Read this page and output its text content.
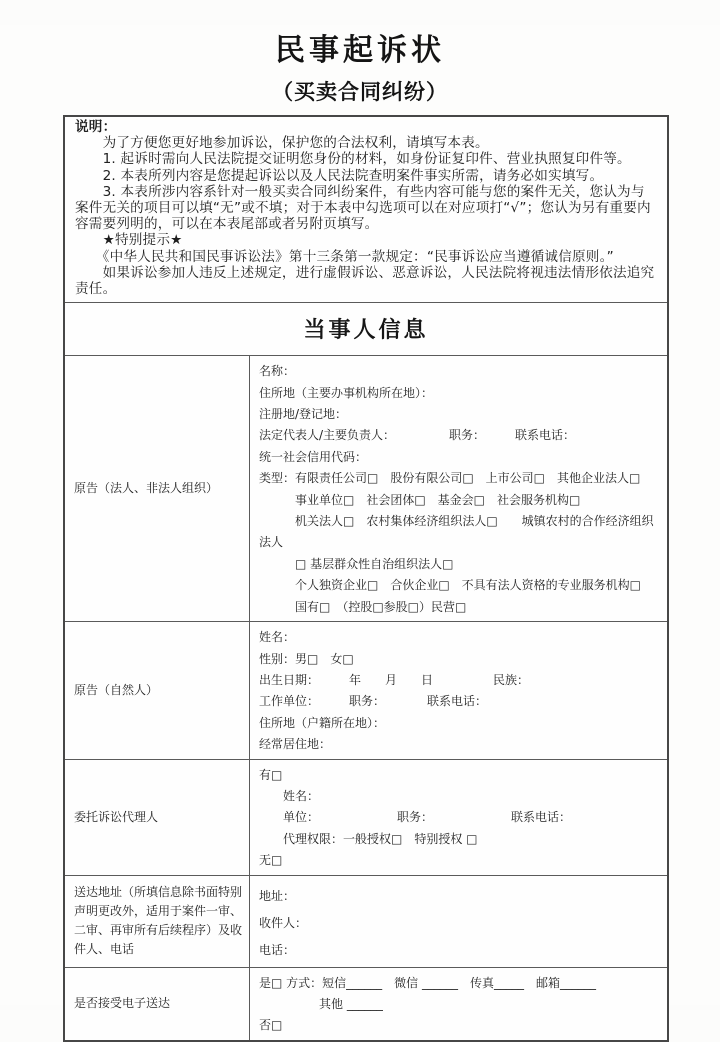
民事起诉状
（买卖合同纠纷）
说明：

　　为了方便您更好地参加诉讼，保护您的合法权利，请填写本表。

　　1. 起诉时需向人民法院提交证明您身份的材料，如身份证复印件、营业执照复印件等。

　　2. 本表所列内容是您提起诉讼以及人民法院查明案件事实所需，请务必如实填写。

　　3. 本表所涉内容系针对一般买卖合同纠纷案件，有些内容可能与您的案件无关，您认为与案件无关的项目可以填“无”或不填；对于本表中勾选项可以在对应项打“√”；您认为另有重要内容需要列明的，可以在本表尾部或者另附页填写。

　　★特别提示★

　　《中华人民共和国民事诉讼法》第十三条第一款规定：“民事诉讼应当遵循诚信原则。”

　　如果诉讼参加人违反上述规定，进行虚假诉讼、恶意诉讼，人民法院将视违法情形依法追究责任。

当事人信息
原告（法人、非法人组织）
名称：
住所地（主要办事机构所在地）：
注册地/登记地：
法定代表人/主要负责人：　　　　　职务：　　　联系电话：
统一社会信用代码：
类型：有限责任公司□　股份有限公司□　上市公司□　其他企业法人□
　　　事业单位□　社会团体□　基金会□　社会服务机构□
　　　机关法人□　农村集体经济组织法人□　　城镇农村的合作经济组织法人
　　　□ 基层群众性自治组织法人□
　　　个人独资企业□　合伙企业□　不具有法人资格的专业服务机构□
　　　国有□　（控股□参股□）民营□
原告（自然人）
姓名：
性别：男□　女□
出生日期：　　　年　　月　　日　　　　　民族：
工作单位：　　　职务：　　　　联系电话：
住所地（户籍所在地）：
经常居住地：
委托诉讼代理人
有□
　　姓名：
　　单位：　　　　　　　职务：　　　　　　　联系电话：
　　代理权限：一般授权□　特别授权 □
无□
送达地址（所填信息除书面特别声明更改外，适用于案件一审、二审、再审所有后续程序）及收件人、电话
地址：
收件人：
电话：
是否接受电子送达
是□ 方式：短信______　微信 ______　传真_____　邮箱______
　　　　　其他 ______
否□
